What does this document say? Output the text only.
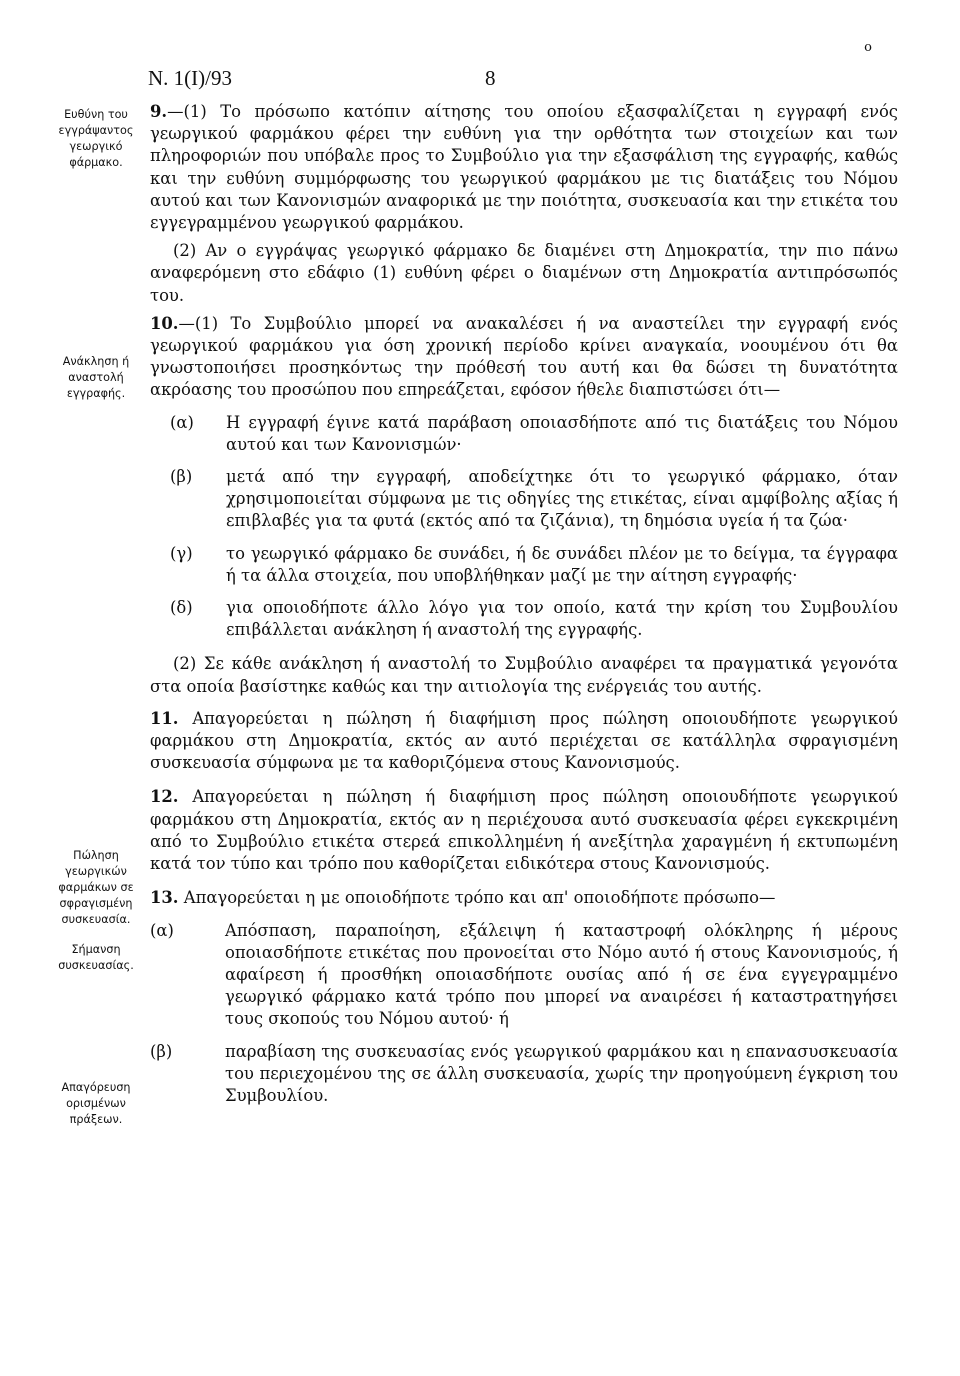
Ν. 1(I)/93	8
o
Ευθύνη του εγγράψαντος γεωργικό φάρμακο.
Ανάκληση ή αναστολή εγγραφής.
Πώληση γεωργικών φαρμάκων σε σφραγισμένη συσκευασία.
Σήμανση συσκευασίας.
Απαγόρευση ορισμένων πράξεων.

9.—(1) Το πρόσωπο κατόπιν αίτησης του οποίου εξασφαλίζεται η εγγραφή ενός γεωργικού φαρμάκου φέρει την ευθύνη για την ορθότητα των στοιχείων και των πληροφοριών που υπόβαλε προς το Συμβούλιο για την εξασφάλιση της εγγραφής, καθώς και την ευθύνη συμμόρφωσης του γεωργικού φαρμάκου με τις διατάξεις του Νόμου αυτού και των Κανονισμών αναφορικά με την ποιότητα, συσκευασία και την ετικέτα του εγγεγραμμένου γεωργικού φαρμάκου.

(2) Αν ο εγγράψας γεωργικό φάρμακο δε διαμένει στη Δημοκρατία, την πιο πάνω αναφερόμενη στο εδάφιο (1) ευθύνη φέρει ο διαμένων στη Δημοκρατία αντιπρόσωπός του.

10.—(1) Το Συμβούλιο μπορεί να ανακαλέσει ή να αναστείλει την εγγραφή ενός γεωργικού φαρμάκου για όση χρονική περίοδο κρίνει αναγκαία, νοουμένου ότι θα γνωστοποιήσει προσηκόντως την πρόθεσή του αυτή και θα δώσει τη δυνατότητα ακρόασης του προσώπου που επηρεάζεται, εφόσον ήθελε διαπιστώσει ότι—

(α)	Η εγγραφή έγινε κατά παράβαση οποιασδήποτε από τις διατάξεις του Νόμου αυτού και των Κανονισμών·
(β)	μετά από την εγγραφή, αποδείχτηκε ότι το γεωργικό φάρμακο, όταν χρησιμοποιείται σύμφωνα με τις οδηγίες της ετικέτας, είναι αμφίβολης αξίας ή επιβλαβές για τα φυτά (εκτός από τα ζιζάνια), τη δημόσια υγεία ή τα ζώα·
(γ)	το γεωργικό φάρμακο δε συνάδει, ή δε συνάδει πλέον με το δείγμα, τα έγγραφα ή τα άλλα στοιχεία, που υποβλήθηκαν μαζί με την αίτηση εγγραφής·
(δ)	για οποιοδήποτε άλλο λόγο για τον οποίο, κατά την κρίση του Συμβουλίου επιβάλλεται ανάκληση ή αναστολή της εγγραφής.

(2) Σε κάθε ανάκληση ή αναστολή το Συμβούλιο αναφέρει τα πραγματικά γεγονότα στα οποία βασίστηκε καθώς και την αιτιολογία της ενέργειάς του αυτής.

11. Απαγορεύεται η πώληση ή διαφήμιση προς πώληση οποιουδήποτε γεωργικού φαρμάκου στη Δημοκρατία, εκτός αν αυτό περιέχεται σε κατάλληλα σφραγισμένη συσκευασία σύμφωνα με τα καθοριζόμενα στους Κανονισμούς.

12. Απαγορεύεται η πώληση ή διαφήμιση προς πώληση οποιουδήποτε γεωργικού φαρμάκου στη Δημοκρατία, εκτός αν η περιέχουσα αυτό συσκευασία φέρει εγκεκριμένη από το Συμβούλιο ετικέτα στερεά επικολλημένη ή ανεξίτηλα χαραγμένη ή εκτυπωμένη κατά τον τύπο και τρόπο που καθορίζεται ειδικότερα στους Κανονισμούς.

13. Απαγορεύεται η με οποιοδήποτε τρόπο και απ' οποιοδήποτε πρόσωπο—

(α)	Απόσπαση, παραποίηση, εξάλειψη ή καταστροφή ολόκληρης ή μέρους οποιασδήποτε ετικέτας που προνοείται στο Νόμο αυτό ή στους Κανονισμούς, ή αφαίρεση ή προσθήκη οποιασδήποτε ουσίας από ή σε ένα εγγεγραμμένο γεωργικό φάρμακο κατά τρόπο που μπορεί να αναιρέσει ή καταστρατηγήσει τους σκοπούς του Νόμου αυτού· ή
(β)	παραβίαση της συσκευασίας ενός γεωργικού φαρμάκου και η επανασυσκευασία του περιεχομένου της σε άλλη συσκευασία, χωρίς την προηγούμενη έγκριση του Συμβουλίου.
